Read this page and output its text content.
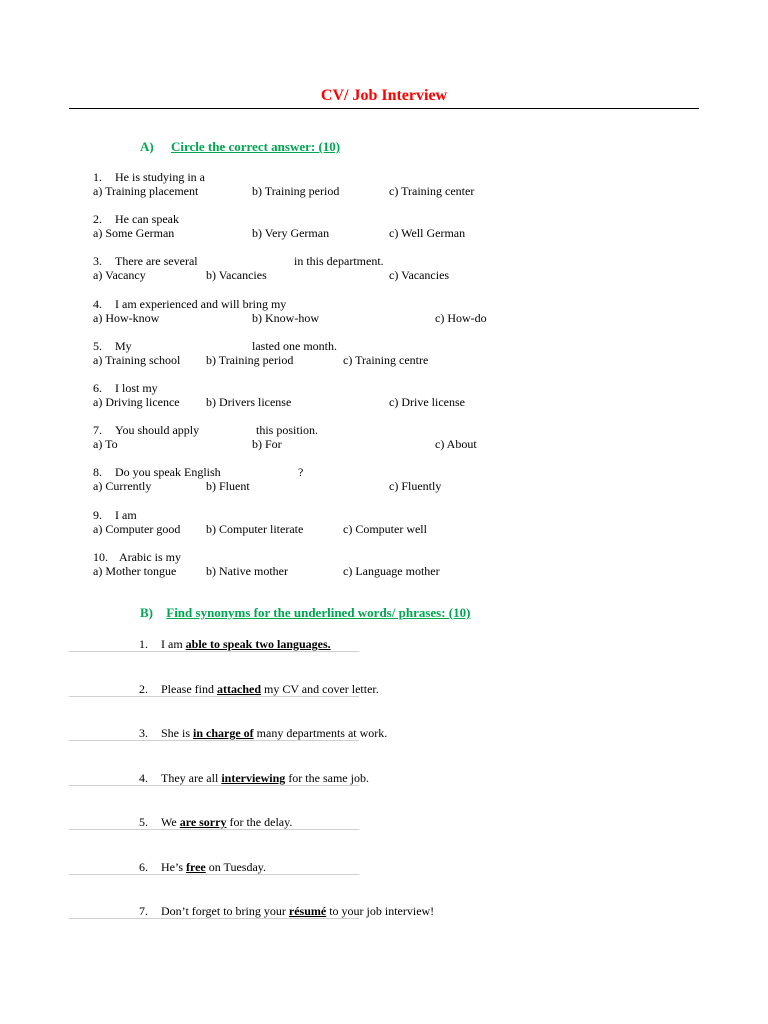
CV/ Job Interview
A) Circle the correct answer: (10)
1. He is studying in a
a) Training placement	b) Training period	c) Training center
2. He can speak
a) Some German	b) Very German	c) Well German
3. There are several	in this department.
a) Vacancy	b) Vacancies	c) Vacancies
4. I am experienced and will bring my
a) How-know	b) Know-how	c) How-do
5. My	lasted one month.
a) Training school b) Training period	c) Training centre
6. I lost my
a) Driving licence b) Drivers license	c) Drive license
7. You should apply	this position.
a) To	b) For	c) About
8. Do you speak English	?
a) Currently	b) Fluent	c) Fluently
9. I am
a) Computer good b) Computer literate	c) Computer well
10. Arabic is my
a) Mother tongue b) Native mother	c) Language mother
B) Find synonyms for the underlined words/ phrases: (10)
1. I am able to speak two languages.
2. Please find attached my CV and cover letter.
3. She is in charge of many departments at work.
4. They are all interviewing for the same job.
5. We are sorry for the delay.
6. He’s free on Tuesday.
7. Don’t forget to bring your résumé to your job interview!
